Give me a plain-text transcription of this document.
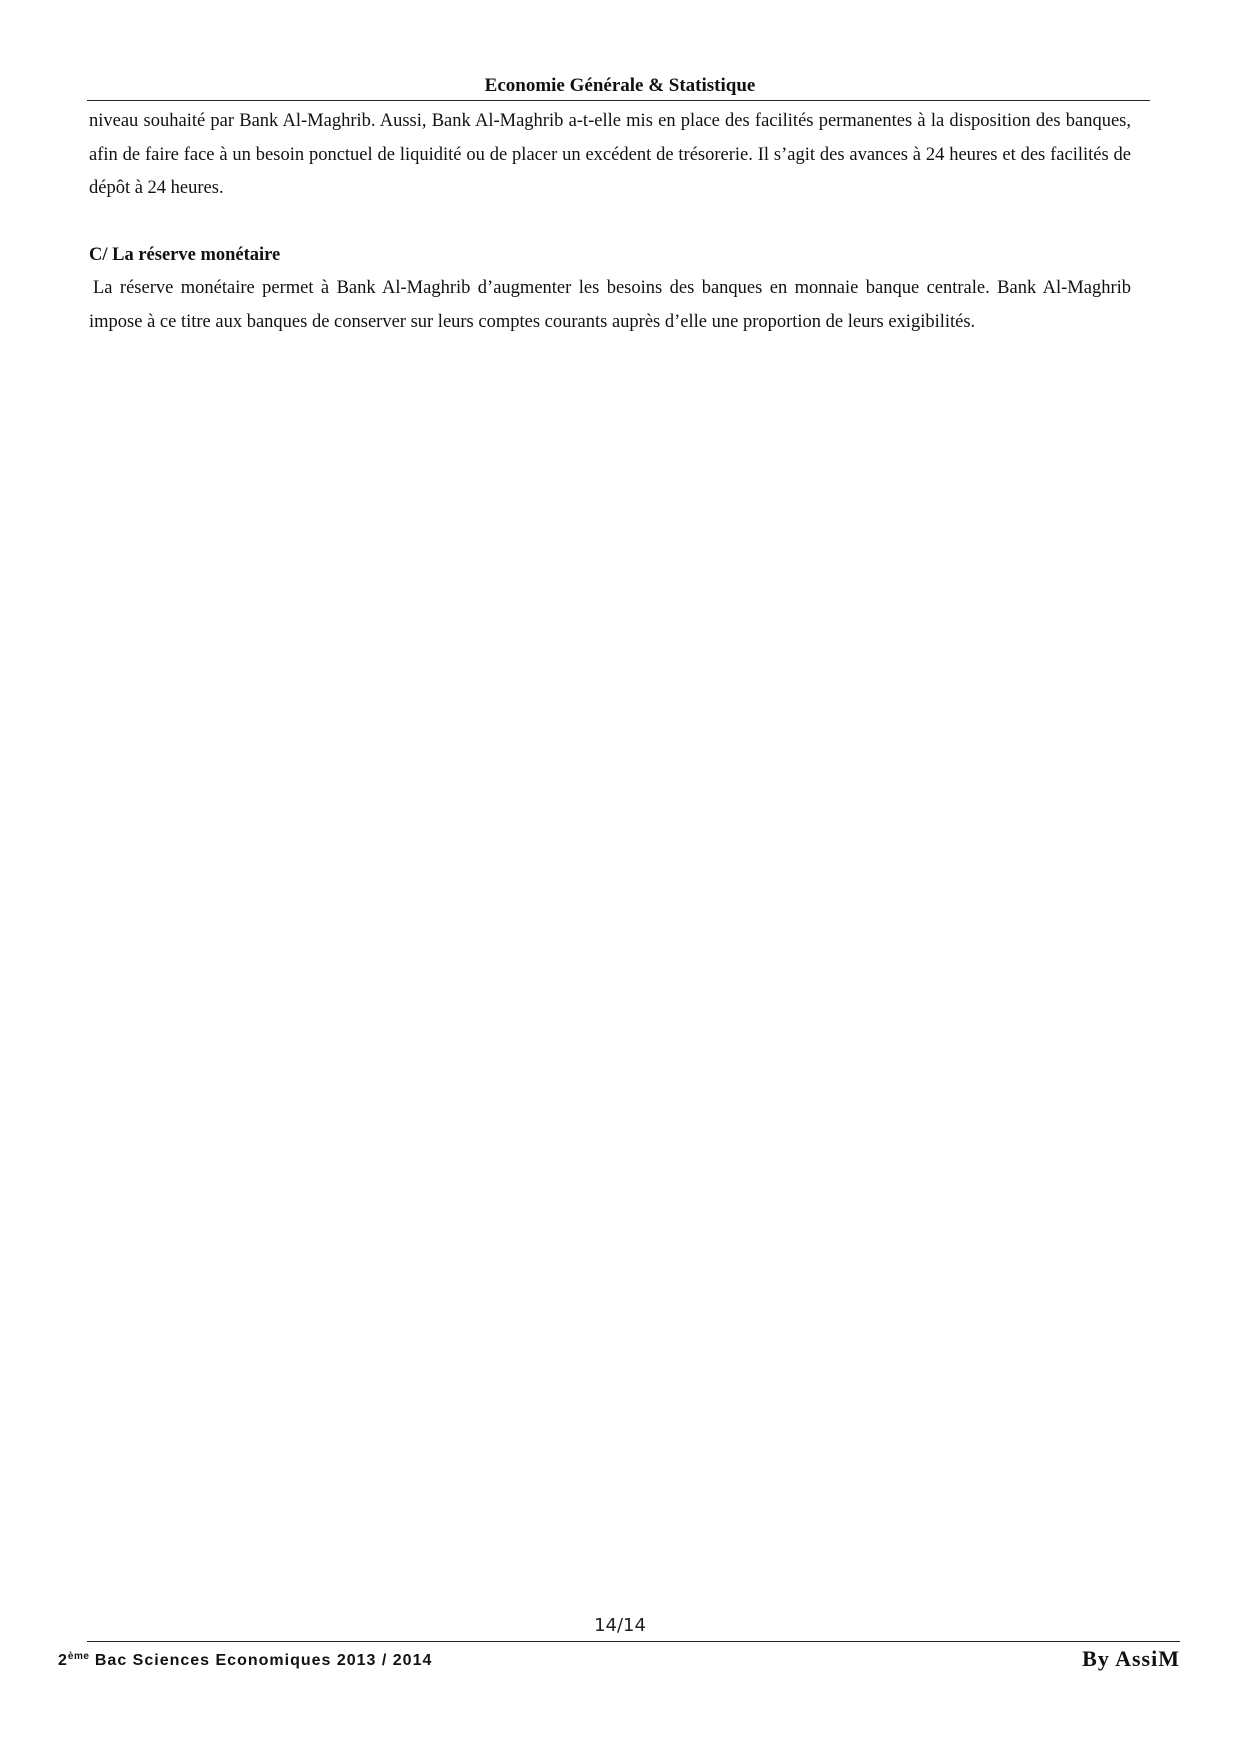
Economie Générale & Statistique

niveau souhaité par Bank Al-Maghrib. Aussi, Bank Al-Maghrib a-t-elle mis en place des facilités permanentes à la disposition des banques, afin de faire face à un besoin ponctuel de liquidité ou de placer un excédent de trésorerie. Il s’agit des avances à 24 heures et des facilités de dépôt à 24 heures.

C/ La réserve monétaire

La réserve monétaire permet à Bank Al-Maghrib d’augmenter les besoins des banques en monnaie banque centrale. Bank Al-Maghrib impose à ce titre aux banques de conserver sur leurs comptes courants auprès d’elle une proportion de leurs exigibilités.

14/14
2ème Bac Sciences Economiques 2013 / 2014	By AssiM
